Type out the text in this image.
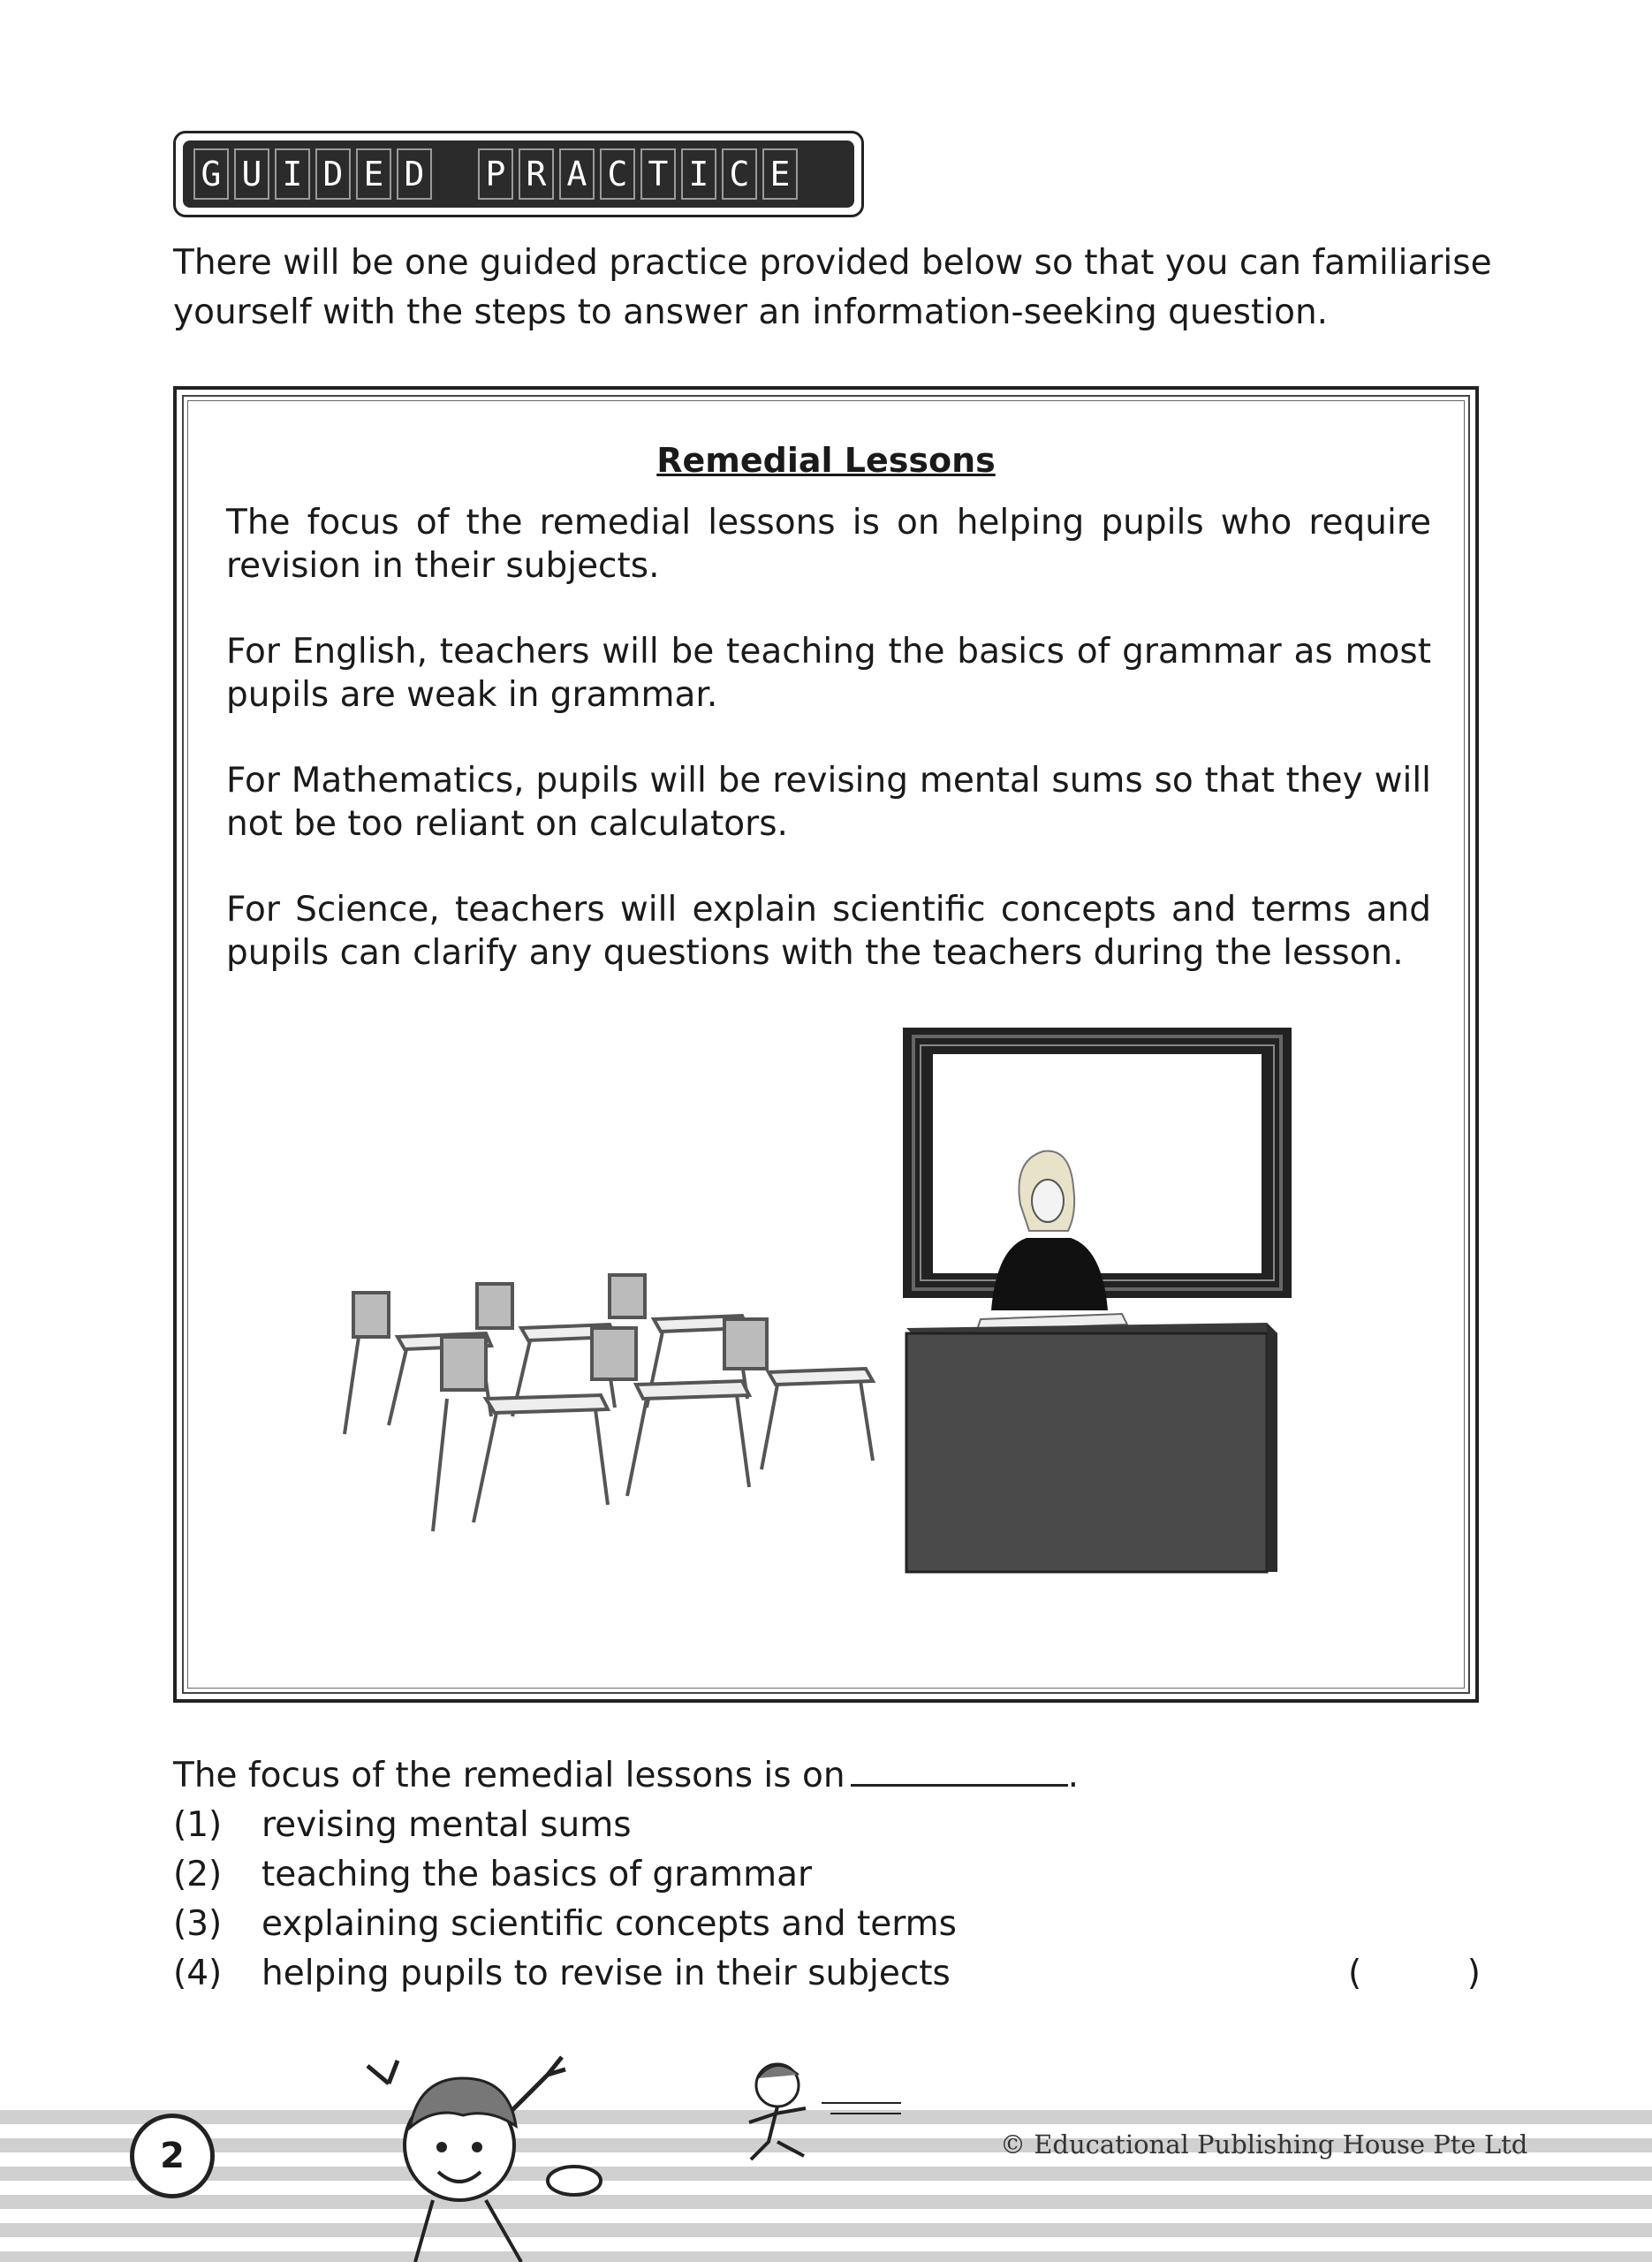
G U I D E D P R A C T I C E
There will be one guided practice provided below so that you can familiarise
yourself with the steps to answer an information-seeking question.
Remedial Lessons
The focus of the remedial lessons is on helping pupils who require revision in their subjects.
For English, teachers will be teaching the basics of grammar as most pupils are weak in grammar.
For Mathematics, pupils will be revising mental sums so that they will not be too reliant on calculators.
For Science, teachers will explain scientific concepts and terms and pupils can clarify any questions with the teachers during the lesson.
The focus of the remedial lessons is on	.
(1)	revising mental sums
(2)	teaching the basics of grammar
(3)	explaining scientific concepts and terms
(4)	helping pupils to revise in their subjects	(	)
2	© Educational Publishing House Pte Ltd
